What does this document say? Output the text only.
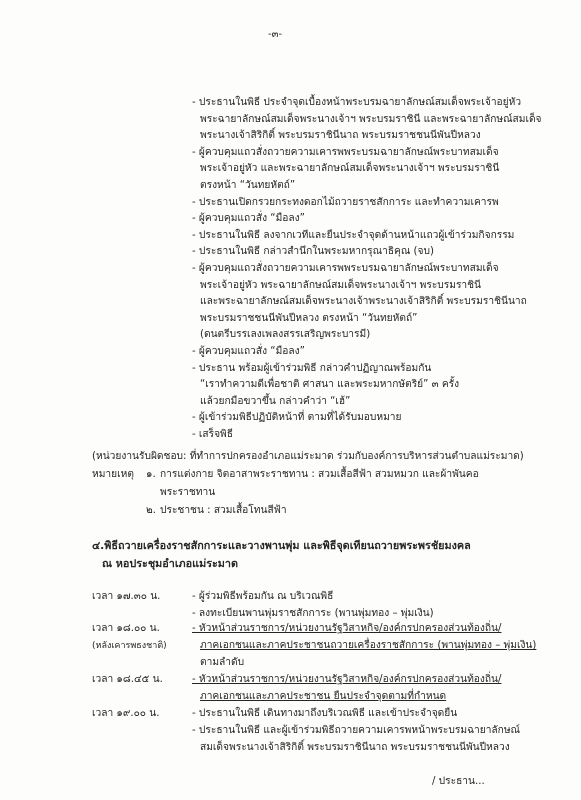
-๓-
- ประธานในพิธี ประจำจุดเบื้องหน้าพระบรมฉายาลักษณ์สมเด็จพระเจ้าอยู่หัว
พระฉายาลักษณ์สมเด็จพระนางเจ้าฯ พระบรมราชินี และพระฉายาลักษณ์สมเด็จ
พระนางเจ้าสิริกิติ์ พระบรมราชินีนาถ พระบรมราชชนนีพันปีหลวง
- ผู้ควบคุมแถวสั่งถวายความเคารพพระบรมฉายาลักษณ์พระบาทสมเด็จ
พระเจ้าอยู่หัว และพระฉายาลักษณ์สมเด็จพระนางเจ้าฯ พระบรมราชินี
ตรงหน้า “วันทยหัตถ์”
- ประธานเปิดกรวยกระทงดอกไม้ถวายราชสักการะ และทำความเคารพ
- ผู้ควบคุมแถวสั่ง “มือลง”
- ประธานในพิธี ลงจากเวทีและยืนประจำจุดด้านหน้าแถวผู้เข้าร่วมกิจกรรม
- ประธานในพิธี กล่าวสำนึกในพระมหากรุณาธิคุณ (จบ)
- ผู้ควบคุมแถวสั่งถวายความเคารพพระบรมฉายาลักษณ์พระบาทสมเด็จ
พระเจ้าอยู่หัว พระฉายาลักษณ์สมเด็จพระนางเจ้าฯ พระบรมราชินี
และพระฉายาลักษณ์สมเด็จพระนางเจ้าพระนางเจ้าสิริกิติ์ พระบรมราชินีนาถ
พระบรมราชชนนีพันปีหลวง ตรงหน้า “วันทยหัตถ์”
(ดนตรีบรรเลงเพลงสรรเสริญพระบารมี)
- ผู้ควบคุมแถวสั่ง “มือลง”
- ประธาน พร้อมผู้เข้าร่วมพิธี กล่าวคำปฏิญาณพร้อมกัน
“เราทำความดีเพื่อชาติ ศาสนา และพระมหากษัตริย์” ๓ ครั้ง
แล้วยกมือขวาขึ้น กล่าวคำว่า “เฮ้”
- ผู้เข้าร่วมพิธีปฏิบัติหน้าที่ ตามที่ได้รับมอบหมาย
- เสร็จพิธี
(หน่วยงานรับผิดชอบ: ที่ทำการปกครองอำเภอแม่ระมาด ร่วมกับองค์การบริหารส่วนตำบลแม่ระมาด)
หมายเหตุ ๑. การแต่งกาย จิตอาสาพระราชทาน : สวมเสื้อสีฟ้า สวมหมวก และผ้าพันคอ
พระราชทาน
๒. ประชาชน : สวมเสื้อโทนสีฟ้า
๔.พิธีถวายเครื่องราชสักการะและวางพานพุ่ม และพิธีจุดเทียนถวายพระพรชัยมงคล
ณ หอประชุมอำเภอแม่ระมาด
เวลา ๑๗.๓๐ น.	- ผู้ร่วมพิธีพร้อมกัน ณ บริเวณพิธี
- ลงทะเบียนพานพุ่มราชสักการะ (พานพุ่มทอง – พุ่มเงิน)
เวลา ๑๘.๐๐ น.
(หลังเคารพธงชาติ)
- หัวหน้าส่วนราชการ/หน่วยงานรัฐวิสาหกิจ/องค์กรปกครองส่วนท้องถิ่น/
ภาคเอกชนและภาคประชาชนถวายเครื่องราชสักการะ (พานพุ่มทอง – พุ่มเงิน)
ตามลำดับ
เวลา ๑๘.๔๕ น.	- หัวหน้าส่วนราชการ/หน่วยงานรัฐวิสาหกิจ/องค์กรปกครองส่วนท้องถิ่น/
ภาคเอกชนและภาคประชาชน ยืนประจำจุดตามที่กำหนด
เวลา ๑๙.๐๐ น.	- ประธานในพิธี เดินทางมาถึงบริเวณพิธี และเข้าประจำจุดยืน
- ประธานในพิธี และผู้เข้าร่วมพิธีถวายความเคารพหน้าพระบรมฉายาลักษณ์
สมเด็จพระนางเจ้าสิริกิติ์ พระบรมราชินีนาถ พระบรมราชชนนีพันปีหลวง
/ ประธาน...
